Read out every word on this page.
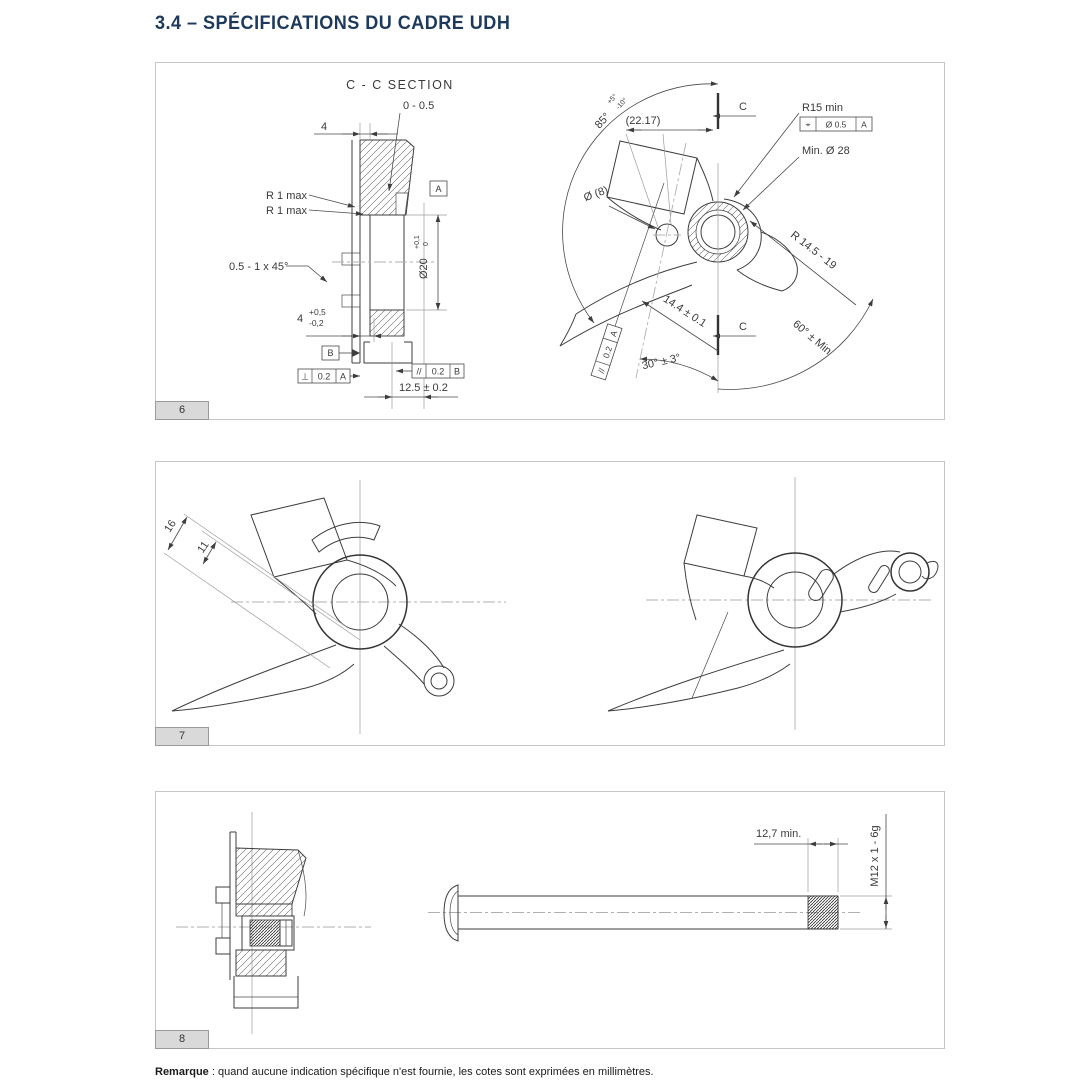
3.4 – SPÉCIFICATIONS DU CADRE UDH
C - C SECTION
0 - 0.5
4
R 1 max
R 1 max
A
Ø20
+0,1 0
0.5 - 1 x 45°
4
+0,5
-0,2
B
⊥ 0.2 A	// 0.2 B
12.5 ± 0.2
C
C
85°
+5°
-10°
(22.17)
R15 min
⌖ Ø 0.5 A
Min. Ø 28
Ø (8)
R 14.5 - 19
14.4 ± 0.1
//
0.2
A
30° ± 3°
60° ± Min
6
16
11
7
12,7 min.	M12 x 1 - 6g
8
Remarque : quand aucune indication spécifique n'est fournie, les cotes sont exprimées en millimètres.
